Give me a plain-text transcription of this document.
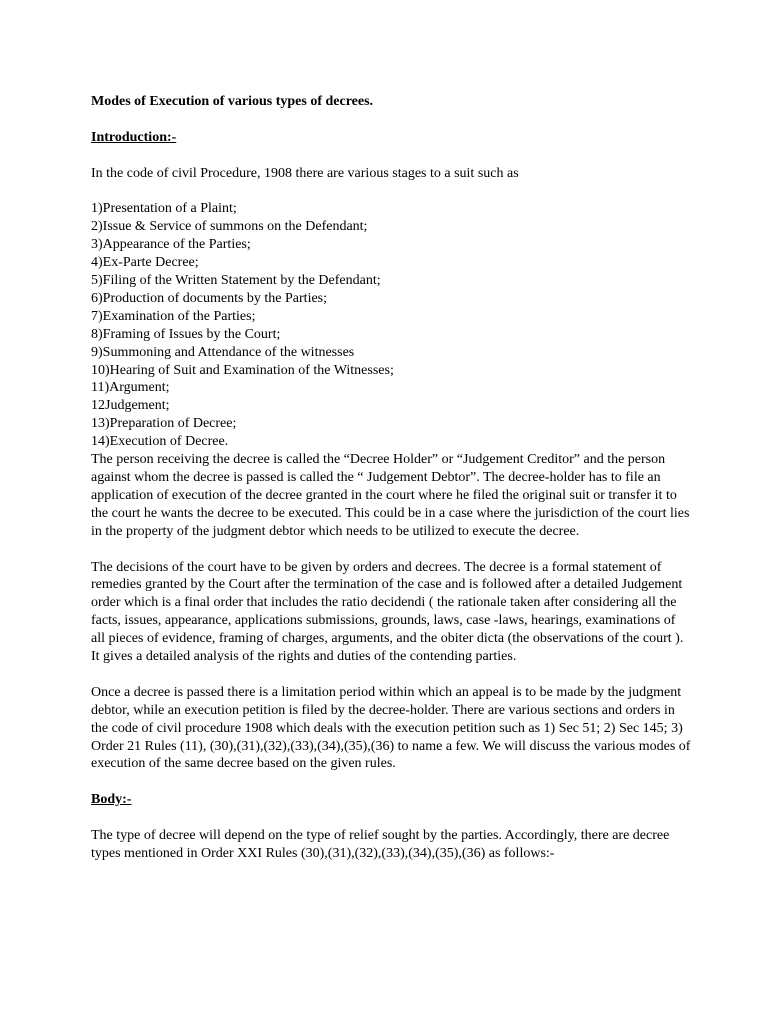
Modes of Execution of various types of decrees.
Introduction:-
In the code of civil Procedure, 1908 there are various stages to a suit such as
1)Presentation of a Plaint;
2)Issue & Service of summons on the Defendant;
3)Appearance of the Parties;
4)Ex-Parte Decree;
5)Filing of the Written Statement by the Defendant;
6)Production of documents by the Parties;
7)Examination of the Parties;
8)Framing of Issues by the Court;
9)Summoning and Attendance of the witnesses
10)Hearing of Suit and Examination of the Witnesses;
11)Argument;
12Judgement;
13)Preparation of Decree;
14)Execution of Decree.
The person receiving the decree is called the “Decree Holder” or “Judgement Creditor” and the person against whom the decree is passed is called the “ Judgement Debtor”. The decree-holder has to file an application of execution of the decree granted in the court where he filed the original suit or transfer it to the court he wants the decree to be executed. This could be in a case where the jurisdiction of the court lies in the property of the judgment debtor which needs to be utilized to execute the decree.
The decisions of the court have to be given by orders and decrees. The decree is a formal statement of remedies granted by the Court after the termination of the case and is followed after a detailed Judgement order which is a final order that includes the ratio decidendi ( the rationale taken after considering all the facts, issues, appearance, applications submissions, grounds, laws, case -laws, hearings, examinations of all pieces of evidence, framing of charges, arguments, and the obiter dicta (the observations of the court ). It gives a detailed analysis of the rights and duties of the contending parties.
Once a decree is passed there is a limitation period within which an appeal is to be made by the judgment debtor, while an execution petition is filed by the decree-holder. There are various sections and orders in the code of civil procedure 1908 which deals with the execution petition such as 1) Sec 51; 2) Sec 145; 3) Order 21 Rules (11), (30),(31),(32),(33),(34),(35),(36) to name a few. We will discuss the various modes of execution of the same decree based on the given rules.
Body:-
The type of decree will depend on the type of relief sought by the parties. Accordingly, there are decree types mentioned in Order XXI Rules (30),(31),(32),(33),(34),(35),(36) as follows:-
